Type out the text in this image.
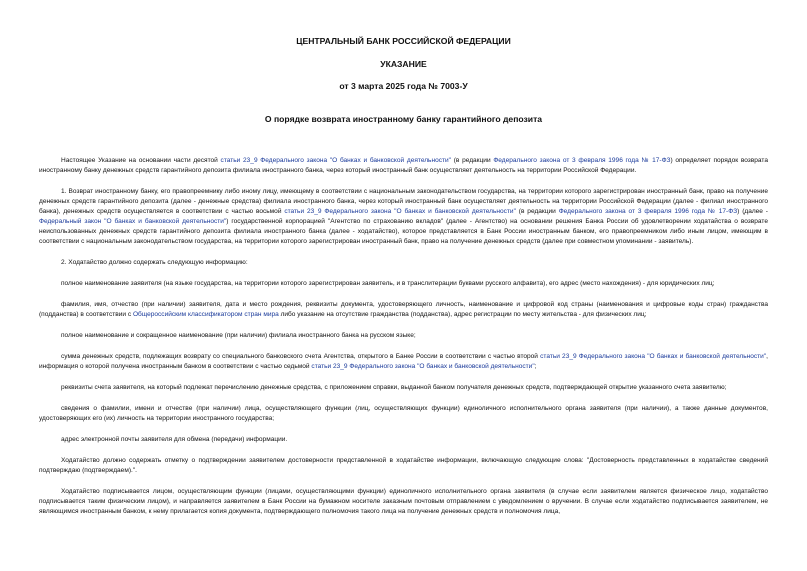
ЦЕНТРАЛЬНЫЙ БАНК РОССИЙСКОЙ ФЕДЕРАЦИИ

УКАЗАНИЕ

от 3 марта 2025 года № 7003-У

О порядке возврата иностранному банку гарантийного депозита

Настоящее Указание на основании части десятой статьи 23_9 Федерального закона "О банках и банковской деятельности" (в редакции Федерального закона от 3 февраля 1996 года № 17-ФЗ) определяет порядок возврата иностранному банку денежных средств гарантийного депозита филиала иностранного банка, через который иностранный банк осуществляет деятельность на территории Российской Федерации.

1. Возврат иностранному банку, его правопреемнику либо иному лицу, имеющему в соответствии с национальным законодательством государства, на территории которого зарегистрирован иностранный банк, право на получение денежных средств гарантийного депозита (далее - денежные средства) филиала иностранного банка, через который иностранный банк осуществляет деятельность на территории Российской Федерации (далее - филиал иностранного банка), денежных средств осуществляется в соответствии с частью восьмой статьи 23_9 Федерального закона "О банках и банковской деятельности" (в редакции Федерального закона от 3 февраля 1996 года № 17-ФЗ) (далее - Федеральный закон "О банках и банковской деятельности") государственной корпорацией "Агентство по страхованию вкладов" (далее - Агентство) на основании решения Банка России об удовлетворении ходатайства о возврате неиспользованных денежных средств гарантийного депозита филиала иностранного банка (далее - ходатайство), которое представляется в Банк России иностранным банком, его правопреемником либо иным лицом, имеющим в соответствии с национальным законодательством государства, на территории которого зарегистрирован иностранный банк, право на получение денежных средств (далее при совместном упоминании - заявитель).

2. Ходатайство должно содержать следующую информацию:

полное наименование заявителя (на языке государства, на территории которого зарегистрирован заявитель, и в транслитерации буквами русского алфавита), его адрес (место нахождения) - для юридических лиц;

фамилия, имя, отчество (при наличии) заявителя, дата и место рождения, реквизиты документа, удостоверяющего личность, наименование и цифровой код страны (наименования и цифровые коды стран) гражданства (подданства) в соответствии с Общероссийским классификатором стран мира либо указание на отсутствие гражданства (подданства), адрес регистрации по месту жительства - для физических лиц;

полное наименование и сокращенное наименование (при наличии) филиала иностранного банка на русском языке;

сумма денежных средств, подлежащих возврату со специального банковского счета Агентства, открытого в Банке России в соответствии с частью второй статьи 23_9 Федерального закона "О банках и банковской деятельности", информация о которой получена иностранным банком в соответствии с частью седьмой статьи 23_9 Федерального закона "О банках и банковской деятельности";

реквизиты счета заявителя, на который подлежат перечислению денежные средства, с приложением справки, выданной банком получателя денежных средств, подтверждающей открытие указанного счета заявителю;

сведения о фамилии, имени и отчестве (при наличии) лица, осуществляющего функции (лиц, осуществляющих функции) единоличного исполнительного органа заявителя (при наличии), а также данные документов, удостоверяющих его (их) личность на территории иностранного государства;

адрес электронной почты заявителя для обмена (передачи) информации.

Ходатайство должно содержать отметку о подтверждении заявителем достоверности представленной в ходатайстве информации, включающую следующие слова: "Достоверность представленных в ходатайстве сведений подтверждаю (подтверждаем).".

Ходатайство подписывается лицом, осуществляющим функции (лицами, осуществляющими функции) единоличного исполнительного органа заявителя (в случае если заявителем является физическое лицо, ходатайство подписывается таким физическим лицом), и направляется заявителем в Банк России на бумажном носителе заказным почтовым отправлением с уведомлением о вручении. В случае если ходатайство подписывается заявителем, не являющимся иностранным банком, к нему прилагается копия документа, подтверждающего полномочия такого лица на получение денежных средств и полномочия лица,
